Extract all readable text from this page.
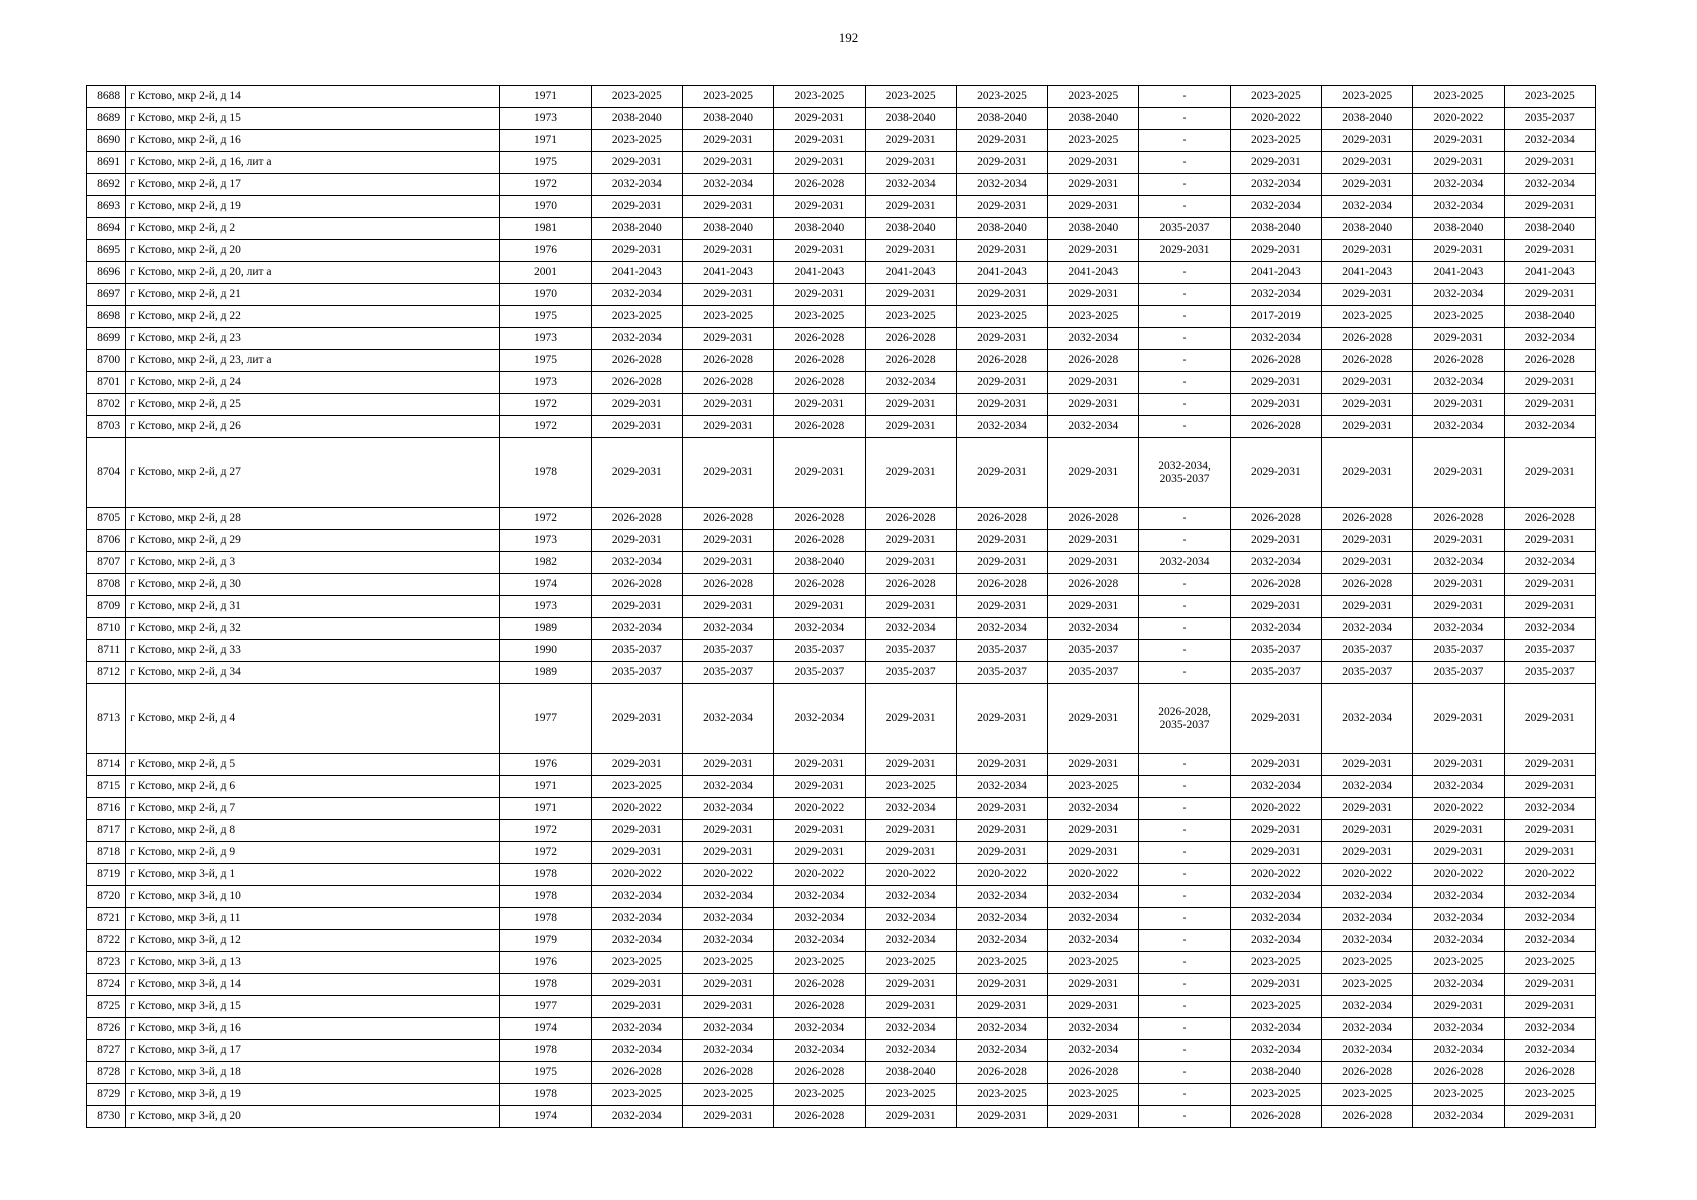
192
8688	г Кстово, мкр 2-й, д 14	1971	2023-2025	2023-2025	2023-2025	2023-2025	2023-2025	2023-2025	-	2023-2025	2023-2025	2023-2025	2023-2025
8689	г Кстово, мкр 2-й, д 15	1973	2038-2040	2038-2040	2029-2031	2038-2040	2038-2040	2038-2040	-	2020-2022	2038-2040	2020-2022	2035-2037
8690	г Кстово, мкр 2-й, д 16	1971	2023-2025	2029-2031	2029-2031	2029-2031	2029-2031	2023-2025	-	2023-2025	2029-2031	2029-2031	2032-2034
8691	г Кстово, мкр 2-й, д 16, лит а	1975	2029-2031	2029-2031	2029-2031	2029-2031	2029-2031	2029-2031	-	2029-2031	2029-2031	2029-2031	2029-2031
8692	г Кстово, мкр 2-й, д 17	1972	2032-2034	2032-2034	2026-2028	2032-2034	2032-2034	2029-2031	-	2032-2034	2029-2031	2032-2034	2032-2034
8693	г Кстово, мкр 2-й, д 19	1970	2029-2031	2029-2031	2029-2031	2029-2031	2029-2031	2029-2031	-	2032-2034	2032-2034	2032-2034	2029-2031
8694	г Кстово, мкр 2-й, д 2	1981	2038-2040	2038-2040	2038-2040	2038-2040	2038-2040	2038-2040	2035-2037	2038-2040	2038-2040	2038-2040	2038-2040
8695	г Кстово, мкр 2-й, д 20	1976	2029-2031	2029-2031	2029-2031	2029-2031	2029-2031	2029-2031	2029-2031	2029-2031	2029-2031	2029-2031	2029-2031
8696	г Кстово, мкр 2-й, д 20, лит а	2001	2041-2043	2041-2043	2041-2043	2041-2043	2041-2043	2041-2043	-	2041-2043	2041-2043	2041-2043	2041-2043
8697	г Кстово, мкр 2-й, д 21	1970	2032-2034	2029-2031	2029-2031	2029-2031	2029-2031	2029-2031	-	2032-2034	2029-2031	2032-2034	2029-2031
8698	г Кстово, мкр 2-й, д 22	1975	2023-2025	2023-2025	2023-2025	2023-2025	2023-2025	2023-2025	-	2017-2019	2023-2025	2023-2025	2038-2040
8699	г Кстово, мкр 2-й, д 23	1973	2032-2034	2029-2031	2026-2028	2026-2028	2029-2031	2032-2034	-	2032-2034	2026-2028	2029-2031	2032-2034
8700	г Кстово, мкр 2-й, д 23, лит а	1975	2026-2028	2026-2028	2026-2028	2026-2028	2026-2028	2026-2028	-	2026-2028	2026-2028	2026-2028	2026-2028
8701	г Кстово, мкр 2-й, д 24	1973	2026-2028	2026-2028	2026-2028	2032-2034	2029-2031	2029-2031	-	2029-2031	2029-2031	2032-2034	2029-2031
8702	г Кстово, мкр 2-й, д 25	1972	2029-2031	2029-2031	2029-2031	2029-2031	2029-2031	2029-2031	-	2029-2031	2029-2031	2029-2031	2029-2031
8703	г Кстово, мкр 2-й, д 26	1972	2029-2031	2029-2031	2026-2028	2029-2031	2032-2034	2032-2034	-	2026-2028	2029-2031	2032-2034	2032-2034
8704	г Кстово, мкр 2-й, д 27	1978	2029-2031	2029-2031	2029-2031	2029-2031	2029-2031	2029-2031	2032-2034,
2035-2037	2029-2031	2029-2031	2029-2031	2029-2031
8705	г Кстово, мкр 2-й, д 28	1972	2026-2028	2026-2028	2026-2028	2026-2028	2026-2028	2026-2028	-	2026-2028	2026-2028	2026-2028	2026-2028
8706	г Кстово, мкр 2-й, д 29	1973	2029-2031	2029-2031	2026-2028	2029-2031	2029-2031	2029-2031	-	2029-2031	2029-2031	2029-2031	2029-2031
8707	г Кстово, мкр 2-й, д 3	1982	2032-2034	2029-2031	2038-2040	2029-2031	2029-2031	2029-2031	2032-2034	2032-2034	2029-2031	2032-2034	2032-2034
8708	г Кстово, мкр 2-й, д 30	1974	2026-2028	2026-2028	2026-2028	2026-2028	2026-2028	2026-2028	-	2026-2028	2026-2028	2029-2031	2029-2031
8709	г Кстово, мкр 2-й, д 31	1973	2029-2031	2029-2031	2029-2031	2029-2031	2029-2031	2029-2031	-	2029-2031	2029-2031	2029-2031	2029-2031
8710	г Кстово, мкр 2-й, д 32	1989	2032-2034	2032-2034	2032-2034	2032-2034	2032-2034	2032-2034	-	2032-2034	2032-2034	2032-2034	2032-2034
8711	г Кстово, мкр 2-й, д 33	1990	2035-2037	2035-2037	2035-2037	2035-2037	2035-2037	2035-2037	-	2035-2037	2035-2037	2035-2037	2035-2037
8712	г Кстово, мкр 2-й, д 34	1989	2035-2037	2035-2037	2035-2037	2035-2037	2035-2037	2035-2037	-	2035-2037	2035-2037	2035-2037	2035-2037
8713	г Кстово, мкр 2-й, д 4	1977	2029-2031	2032-2034	2032-2034	2029-2031	2029-2031	2029-2031	2026-2028,
2035-2037	2029-2031	2032-2034	2029-2031	2029-2031
8714	г Кстово, мкр 2-й, д 5	1976	2029-2031	2029-2031	2029-2031	2029-2031	2029-2031	2029-2031	-	2029-2031	2029-2031	2029-2031	2029-2031
8715	г Кстово, мкр 2-й, д 6	1971	2023-2025	2032-2034	2029-2031	2023-2025	2032-2034	2023-2025	-	2032-2034	2032-2034	2032-2034	2029-2031
8716	г Кстово, мкр 2-й, д 7	1971	2020-2022	2032-2034	2020-2022	2032-2034	2029-2031	2032-2034	-	2020-2022	2029-2031	2020-2022	2032-2034
8717	г Кстово, мкр 2-й, д 8	1972	2029-2031	2029-2031	2029-2031	2029-2031	2029-2031	2029-2031	-	2029-2031	2029-2031	2029-2031	2029-2031
8718	г Кстово, мкр 2-й, д 9	1972	2029-2031	2029-2031	2029-2031	2029-2031	2029-2031	2029-2031	-	2029-2031	2029-2031	2029-2031	2029-2031
8719	г Кстово, мкр 3-й, д 1	1978	2020-2022	2020-2022	2020-2022	2020-2022	2020-2022	2020-2022	-	2020-2022	2020-2022	2020-2022	2020-2022
8720	г Кстово, мкр 3-й, д 10	1978	2032-2034	2032-2034	2032-2034	2032-2034	2032-2034	2032-2034	-	2032-2034	2032-2034	2032-2034	2032-2034
8721	г Кстово, мкр 3-й, д 11	1978	2032-2034	2032-2034	2032-2034	2032-2034	2032-2034	2032-2034	-	2032-2034	2032-2034	2032-2034	2032-2034
8722	г Кстово, мкр 3-й, д 12	1979	2032-2034	2032-2034	2032-2034	2032-2034	2032-2034	2032-2034	-	2032-2034	2032-2034	2032-2034	2032-2034
8723	г Кстово, мкр 3-й, д 13	1976	2023-2025	2023-2025	2023-2025	2023-2025	2023-2025	2023-2025	-	2023-2025	2023-2025	2023-2025	2023-2025
8724	г Кстово, мкр 3-й, д 14	1978	2029-2031	2029-2031	2026-2028	2029-2031	2029-2031	2029-2031	-	2029-2031	2023-2025	2032-2034	2029-2031
8725	г Кстово, мкр 3-й, д 15	1977	2029-2031	2029-2031	2026-2028	2029-2031	2029-2031	2029-2031	-	2023-2025	2032-2034	2029-2031	2029-2031
8726	г Кстово, мкр 3-й, д 16	1974	2032-2034	2032-2034	2032-2034	2032-2034	2032-2034	2032-2034	-	2032-2034	2032-2034	2032-2034	2032-2034
8727	г Кстово, мкр 3-й, д 17	1978	2032-2034	2032-2034	2032-2034	2032-2034	2032-2034	2032-2034	-	2032-2034	2032-2034	2032-2034	2032-2034
8728	г Кстово, мкр 3-й, д 18	1975	2026-2028	2026-2028	2026-2028	2038-2040	2026-2028	2026-2028	-	2038-2040	2026-2028	2026-2028	2026-2028
8729	г Кстово, мкр 3-й, д 19	1978	2023-2025	2023-2025	2023-2025	2023-2025	2023-2025	2023-2025	-	2023-2025	2023-2025	2023-2025	2023-2025
8730	г Кстово, мкр 3-й, д 20	1974	2032-2034	2029-2031	2026-2028	2029-2031	2029-2031	2029-2031	-	2026-2028	2026-2028	2032-2034	2029-2031
